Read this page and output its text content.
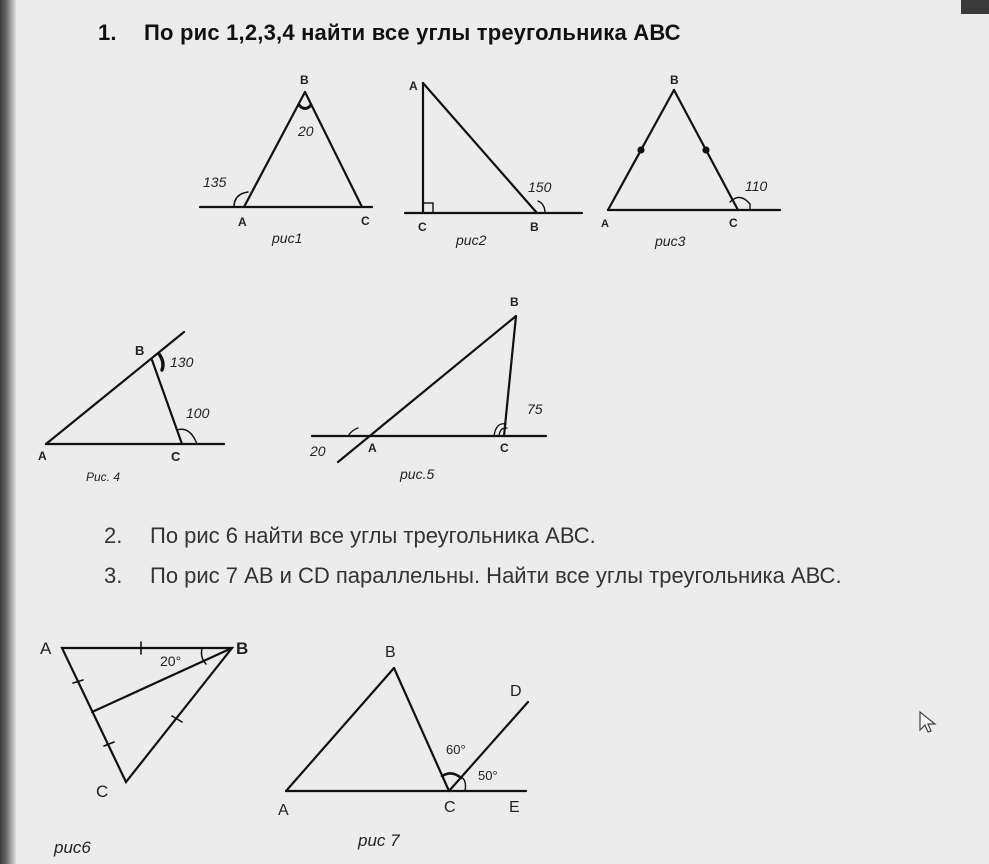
1. По рис 1,2,3,4 найти все углы треугольника АВС
2. По рис 6 найти все углы треугольника АВС.
3. По рис 7 АВ и CD параллельны. Найти все углы треугольника АВС.
B
20
135
A	C
рис1
A
150
C	B
рис2
B
110
A	C
рис3
B
130
100
A	C
Рис. 4
B
75
20	A	C
рис.5
A	B
20°
C
рис6
B
D
60°
50°
A	C	E
рис 7
